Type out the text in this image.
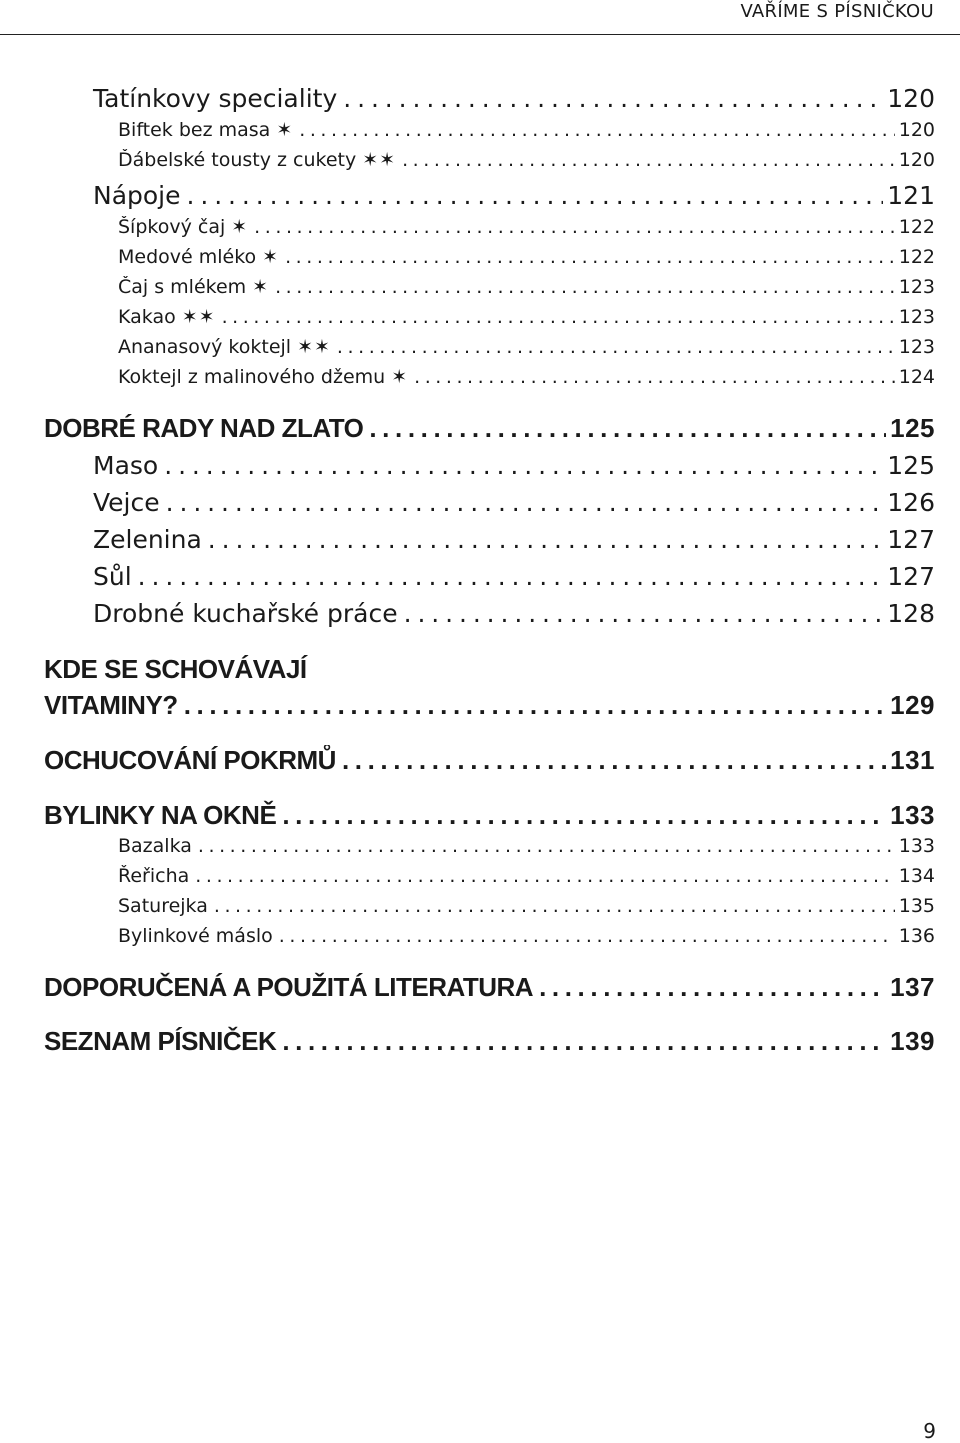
VAŘÍME S PÍSNIČKOU
Tatínkovy speciality .....	120
Biftek bez masa ✶ .....	120
Ďábelské tousty z cukety ✶✶ .....	120
Nápoje .....	121
Šípkový čaj ✶ .....	122
Medové mléko ✶ .....	122
Čaj s mlékem ✶ .....	123
Kakao ✶✶ .....	123
Ananasový koktejl ✶✶ .....	123
Koktejl z malinového džemu ✶ .....	124
DOBRÉ RADY NAD ZLATO .....	125
Maso .....	125
Vejce .....	126
Zelenina .....	127
Sůl .....	127
Drobné kuchařské práce .....	128
KDE SE SCHOVÁVAJÍ
VITAMINY? .....	129
OCHUCOVÁNÍ POKRMŮ .....	131
BYLINKY NA OKNĚ .....	133
Bazalka .....	133
Řeřicha .....	134
Saturejka .....	135
Bylinkové máslo .....	136
DOPORUČENÁ A POUŽITÁ LITERATURA .....	137
SEZNAM PÍSNIČEK .....	139
9
